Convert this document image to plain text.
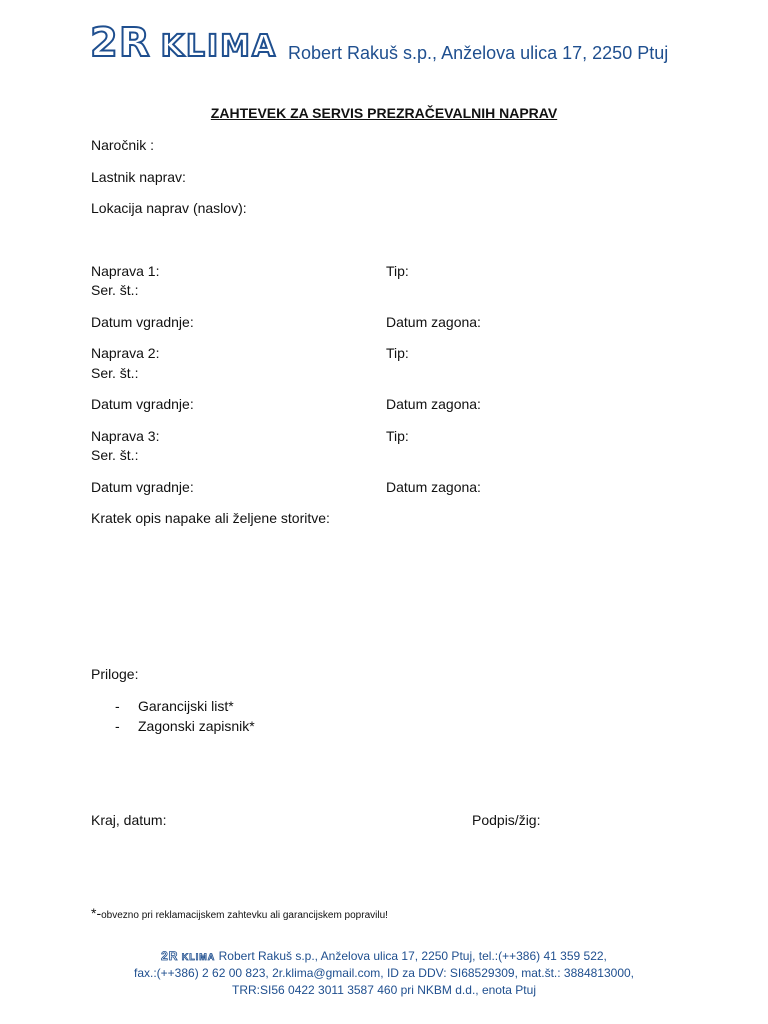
2R KLIMA Robert Rakuš s.p., Anželova ulica 17, 2250 Ptuj
ZAHTEVEK ZA SERVIS PREZRAČEVALNIH NAPRAV
Naročnik :
Lastnik naprav:
Lokacija naprav (naslov):
Naprava 1:	Tip:
Ser. št.:
Datum vgradnje:	Datum zagona:
Naprava 2:	Tip:
Ser. št.:
Datum vgradnje:	Datum zagona:
Naprava 3:	Tip:
Ser. št.:
Datum vgradnje:	Datum zagona:
Kratek opis napake ali željene storitve:
Priloge:
- Garancijski list*
- Zagonski zapisnik*
Kraj, datum:	Podpis/žig:
*-obvezno pri reklamacijskem zahtevku ali garancijskem popravilu!
2R KLIMA Robert Rakuš s.p., Anželova ulica 17, 2250 Ptuj, tel.:(++386) 41 359 522,
fax.:(++386) 2 62 00 823, 2r.klima@gmail.com, ID za DDV: SI68529309, mat.št.: 3884813000,
TRR:SI56 0422 3011 3587 460 pri NKBM d.d., enota Ptuj
